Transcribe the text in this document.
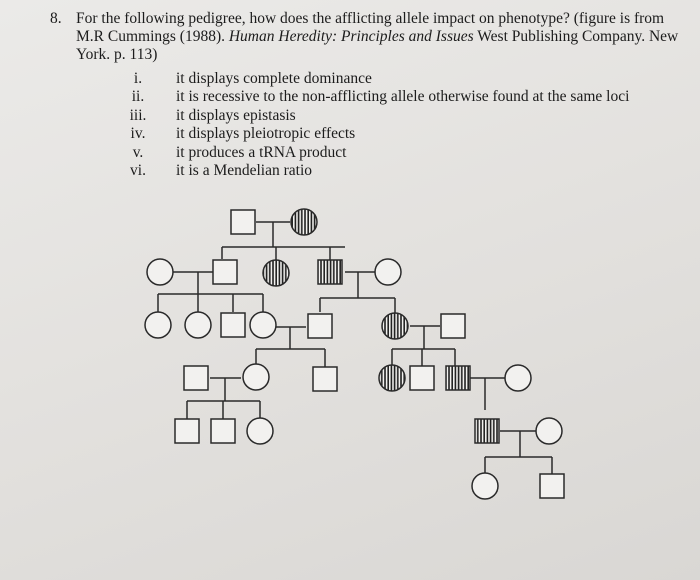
8. For the following pedigree, how does the afflicting allele impact on phenotype? (figure is from M.R Cummings (1988). Human Heredity: Principles and Issues West Publishing Company. New York. p. 113)
i.	it displays complete dominance
ii.	it is recessive to the non-afflicting allele otherwise found at the same loci
iii.	it displays epistasis
iv.	it displays pleiotropic effects
v.	it produces a tRNA product
vi.	it is a Mendelian ratio
